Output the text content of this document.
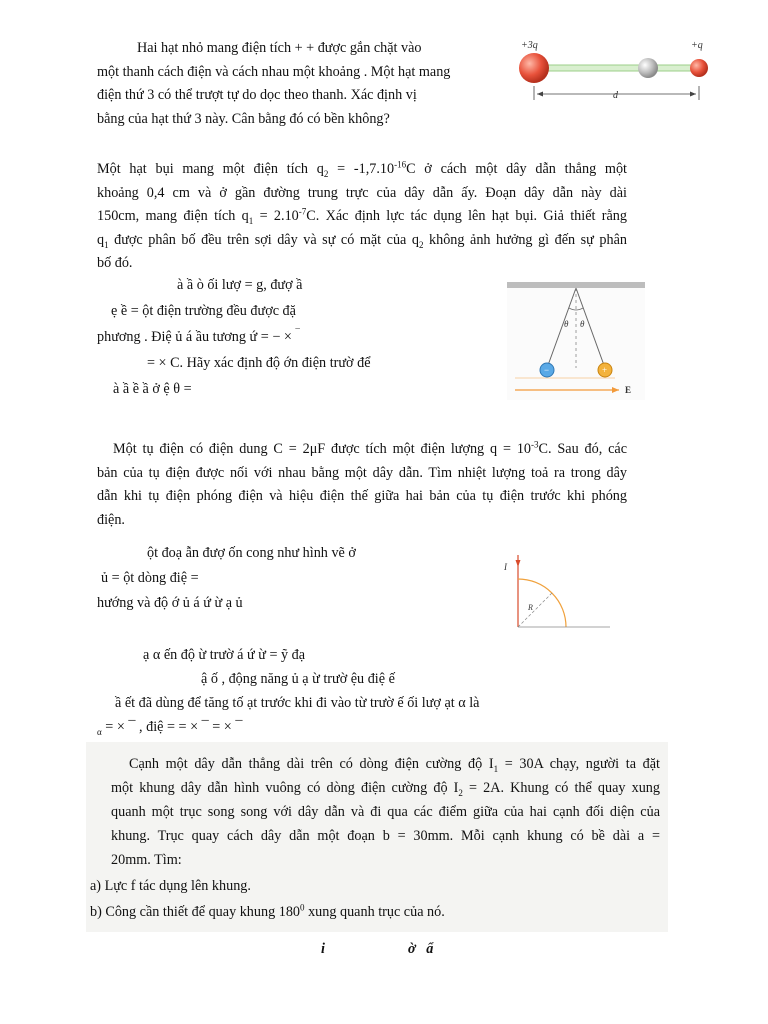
Hai hạt nhỏ mang điện tích + + được gắn chặt vào
một thanh cách điện và cách nhau một khoảng . Một hạt mang
điện thứ 3 có thể trượt tự do dọc theo thanh. Xác định vị
bằng của hạt thứ 3 này. Cân bằng đó có bền không?
+3q	+q
d
Một hạt bụi mang một điện tích $q_2 = -1,7.10^{-16}C$ ở cách một dây dẫn thẳng một
khoảng 0,4 cm và ở gần đường trung trực của dây dẫn ấy. Đoạn dây dẫn này dài
150cm, mang điện tích $q_1 = 2.10^{-7}C$. Xác định lực tác dụng lên hạt bụi. Giả thiết rằng
$q_1$ được phân bố đều trên sợi dây và sự có mặt của $q_2$ không ảnh hưởng gì đến sự phân
bố đó.
à ầ ò ối lượ = g, đượ ầ
ẹ ề = ột điện trường đều được đặ
phương . Điệ ủ á ầu tương ứ = − × ¯
= × C. Hãy xác định độ ớn điện trườ để
à ầ ề ầ ở ệ θ =
θ θ
−	+
E
Một tụ điện có điện dung C = 2μF được tích một điện lượng $q = 10^{-3}C$. Sau đó, các
bản của tụ điện được nối với nhau bằng một dây dẫn. Tìm nhiệt lượng toả ra trong dây
dẫn khi tụ điện phóng điện và hiệu điện thế giữa hai bản của tụ điện trước khi phóng
điện.
ột đoạ ẫn đượ ốn cong như hình vẽ ở
ủ = ột dòng điệ =
hướng và độ ớ ủ á ứ ừ ạ ủ
I
R
ạ α ến độ ừ trườ á ứ ừ = ỹ đạ
ậ ố , động năng ủ ạ ừ trườ ệu điệ ế
ầ ết đã dùng để tăng tố ạt trước khi đi vào từ trườ ế ối lượ ạt α là
$_\alpha$ = × ¯ , điệ = = × ¯ = × ¯
Cạnh một dây dẫn thẳng dài trên có dòng điện cường độ $I_1 = 30A$ chạy, người ta đặt
một khung dây dẫn hình vuông có dòng điện cường độ $I_2 = 2A$. Khung có thể quay xung
quanh một trục song song với dây dẫn và đi qua các điểm giữa của hai cạnh đối diện của
khung. Trục quay cách dây dẫn một đoạn b = 30mm. Mỗi cạnh khung có bề dài a =
20mm. Tìm:
a) Lực f tác dụng lên khung.
b) Công cần thiết để quay khung $180^0$ xung quanh trục của nó.
i	ờ   ẩ
